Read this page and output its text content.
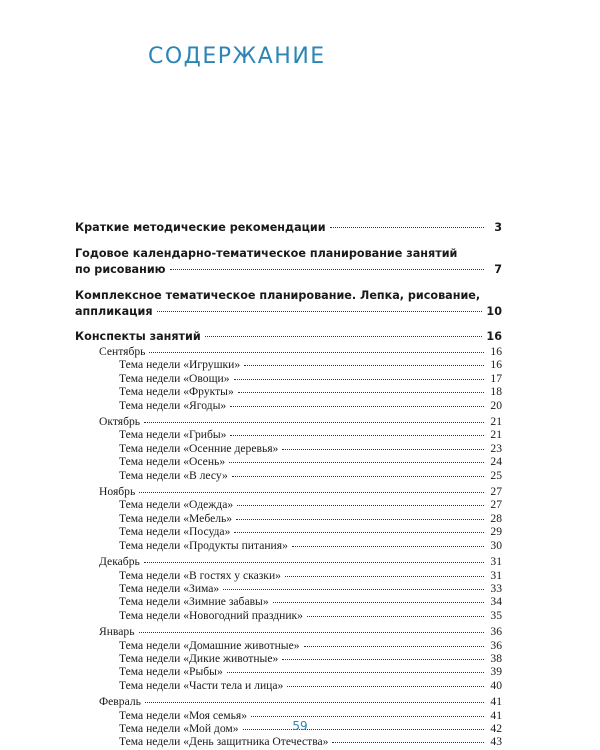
СОДЕРЖАНИЕ
Краткие методические рекомендации	3
Годовое календарно-тематическое планирование занятий
по рисованию	7
Комплексное тематическое планирование. Лепка, рисование,
аппликация	10
Конспекты занятий	16
Сентябрь	16
Тема недели «Игрушки»	16
Тема недели «Овощи»	17
Тема недели «Фрукты»	18
Тема недели «Ягоды»	20
Октябрь	21
Тема недели «Грибы»	21
Тема недели «Осенние деревья»	23
Тема недели «Осень»	24
Тема недели «В лесу»	25
Ноябрь	27
Тема недели «Одежда»	27
Тема недели «Мебель»	28
Тема недели «Посуда»	29
Тема недели «Продукты питания»	30
Декабрь	31
Тема недели «В гостях у сказки»	31
Тема недели «Зима»	33
Тема недели «Зимние забавы»	34
Тема недели «Новогодний праздник»	35
Январь	36
Тема недели «Домашние животные»	36
Тема недели «Дикие животные»	38
Тема недели «Рыбы»	39
Тема недели «Части тела и лица»	40
Февраль	41
Тема недели «Моя семья»	41
Тема недели «Мой дом»	42
Тема недели «День защитника Отечества»	43
59
